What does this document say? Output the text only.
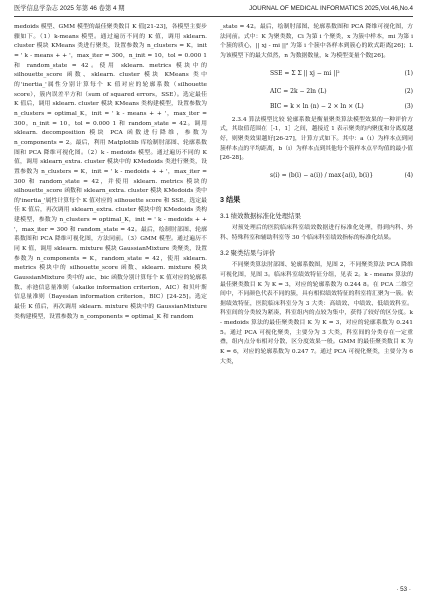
医学信息学杂志 2025 年第 46 卷第 4 期	JOURNAL OF MEDICAL INFORMATICS 2025,Vol.46,No.4

medoids 模型、GMM 模型的最佳聚类数目 K 值[21-23]，各模型主要步骤如下。（1）k-means 模型。通过遍历不同的 K 值，调用 sklearn. cluster 模块 KMeans 类进行聚类，设置参数为 n_clusters = K，init = ' k - means + + '，max_iter = 300，n_init = 10，tol = 0.000 1 和 random_state = 42。使用 sklearn. metrics 模块中的 silhouette_score 函数、sklearn. cluster 模块 KMeans 类中的'inertia_'属性分别计算每个 K 值对应的轮廓系数（silhouette score），簇内误差平方和（sum of squared errors，SSE）。选定最佳 K 值后，调用 sklearn. cluster 模块 KMeans 类构建模型，设置参数为 n_clusters = optimal_K，init = ' k - means + + '，max_iter = 300，n_init = 10，tol = 0.000 1 和 random_state = 42。调用 sklearn. decomposition 模块 PCA 函数进行降维，参数为 n_components = 2。最后，利用 Matplotlib 库绘制肘部图、轮廓系数图和 PCA 降维可视化图。（2）k - medoids 模型。通过遍历不同的 K 值，调用 sklearn_extra. cluster 模块中的 KMedoids 类进行聚类，设置参数为 n_clusters = K，init = ' k - medoids + + '，max_iter = 300 和 random_state = 42，并使用 sklearn. metrics 模块的 silhouette_score 函数和 sklearn_extra. cluster 模块 KMedoids 类中的'inertia_'属性计算每个 K 值对应的 silhouette score 和 SSE。选定最佳 K 值后，再次调用 sklearn_extra. cluster 模块中的 KMedoids 类构建模型，参数为 n_clusters = optimal_K，init = ' k - medoids + + '，max_iter = 300 和 random_state = 42。最后，绘制肘部图、轮廓系数图和 PCA 降维可视化图，方法同前。（3）GMM 模型。通过遍历不同 K 值，调用 sklearn. mixture 模块 GaussianMixture 类聚类，设置参数为 n_components = K，random_state = 42，使用 sklearn. metrics 模块中的 silhouette_score 函数、sklearn. mixture 模块 GaussianMixture 类中的 aic、bic 函数分别计算每个 K 值对应的轮廓系数、赤池信息量准则（akaike information criterion，AIC）和贝叶斯信息量准则（Bayesian information criterion，BIC）[24-25]。选定最佳 K 值后，再次调用 sklearn. mixture 模块中的 GaussianMixture 类构建模型，设置参数为 n_components = optimal_K 和 random

_state = 42。最后，绘制肘部图、轮廓系数图和 PCA 降维可视化图，方法同前。式中：K 为聚类数，Ci 为第 i 个聚类，x 为簇中样本，mi 为第 i 个簇的质心，|| xj - mi ||² 为第 i 个簇中各样本到簇心的欧式距离[26]；L 为该模型下的最大似然，n 为数据数量，k 为模型变量个数[26]。

SSE = Σ Σ || xj − mi ||²	(1)
AIC = 2k − 2ln (L)	(2)
BIC = k × ln (n) − 2 × ln × (L)	(3)

2.3.4 算法模型比较 轮廓系数是衡量聚类算法模型效果的一种评价方式，其取值范围在［-1，1］之间，越接近 1 表示聚类的内聚度和分离度越好，则聚类效果越好[26-27]，计算方式如下。其中：a（i）为样本点到同簇样本点的平均距离，b（i）为样本点到其他每个簇样本点平均值的最小值[26-28]。

s(i) = (b(i) − a(i)) / max{a(i), b(i)}	(4)
3 结果
3.1 绩效数据标准化处理结果

对预处理后的医院临床科室绩效数据进行标准化处理，得到内科、外科、特殊科室和辅助科室等 30 个临床科室绩效指标的标准化结果。

3.2 聚类结果与评价

不同聚类算法肘部图、轮廓系数图，见图 2，不同聚类算法 PCA 降维可视化图，见图 3。临床科室绩效特征分组，见表 2。k - means 算法的最佳聚类数目 K 为 K = 3，对应的轮廓系数为 0.244 8。在 PCA 二维空间中，不同颜色代表不同的簇，具有相似绩效特征的科室将汇聚为一簇。依据绩效特征，医院临床科室分为 3 大类：高绩效、中绩效、低绩效科室。科室间的分类较为紧凑，科室组内的点较为集中，获得了较好的区分度。k - medoids 算法的最佳聚类数目 K 为 K = 3，对应的轮廓系数为 0.241 5。通过 PCA 可视化聚类，主要分为 3 大类，科室间的分类存在一定重叠，组内点分布相对分散，区分度效果一般。GMM 的最佳聚类数目 K 为 K = 6，对应的轮廓系数为 0.247 7。通过 PCA 可视化聚类，主要分为 6 大类，

· 53 ·
